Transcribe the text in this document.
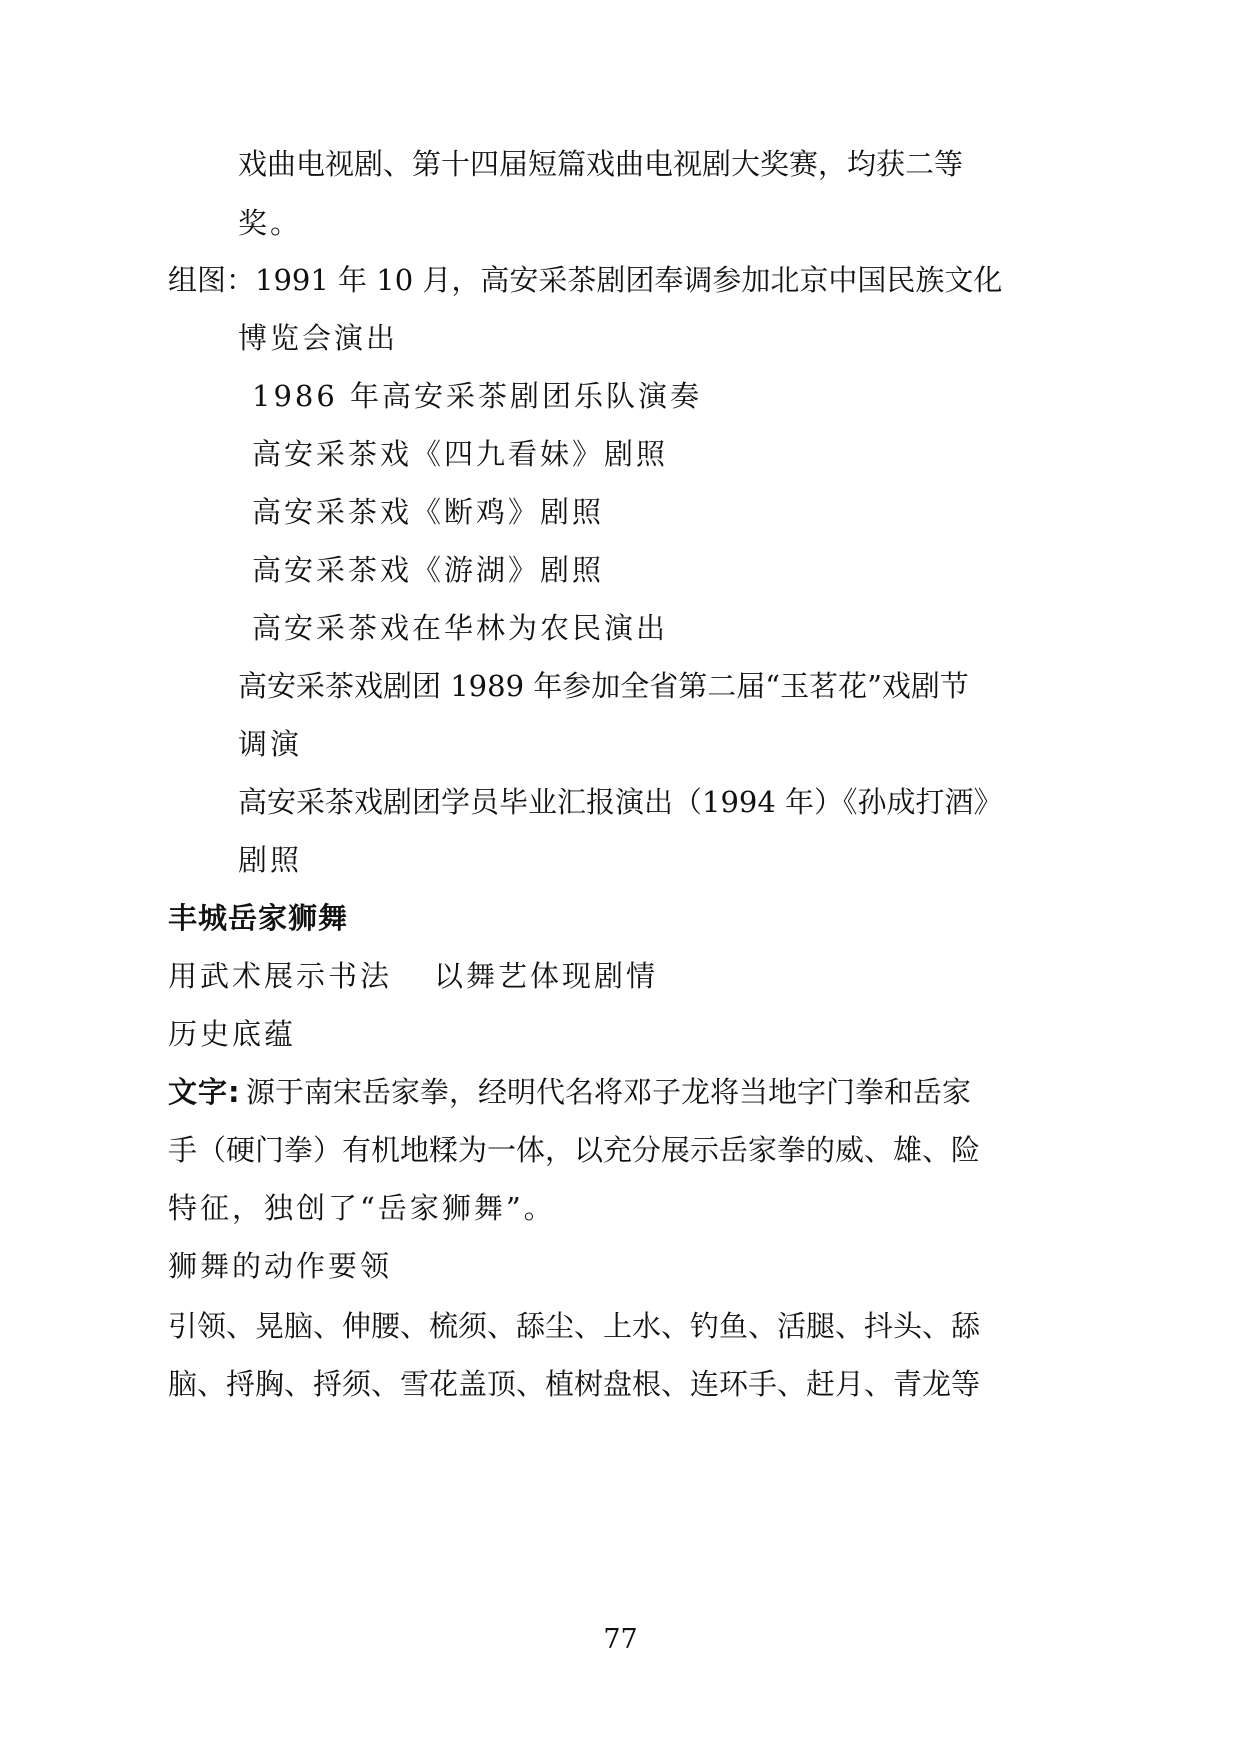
戏曲电视剧、第十四届短篇戏曲电视剧大奖赛，均获二等
奖。
组图：1991 年 10 月，高安采茶剧团奉调参加北京中国民族文化
博览会演出
1986 年高安采茶剧团乐队演奏
高安采茶戏《四九看妹》剧照
高安采茶戏《断鸡》剧照
高安采茶戏《游湖》剧照
高安采茶戏在华林为农民演出
高安采茶戏剧团 1989 年参加全省第二届“玉茗花”戏剧节
调演
高安采茶戏剧团学员毕业汇报演出（1994 年）《孙成打酒》
剧照
丰城岳家狮舞
用武术展示书法 以舞艺体现剧情
历史底蕴
文字: 源于南宋岳家拳，经明代名将邓子龙将当地字门拳和岳家
手（硬门拳）有机地糅为一体，以充分展示岳家拳的威、雄、险
特征，独创了“岳家狮舞”。
狮舞的动作要领
引领、晃脑、伸腰、梳须、舔尘、上水、钓鱼、活腿、抖头、舔
脑、捋胸、捋须、雪花盖顶、植树盘根、连环手、赶月、青龙等
77
